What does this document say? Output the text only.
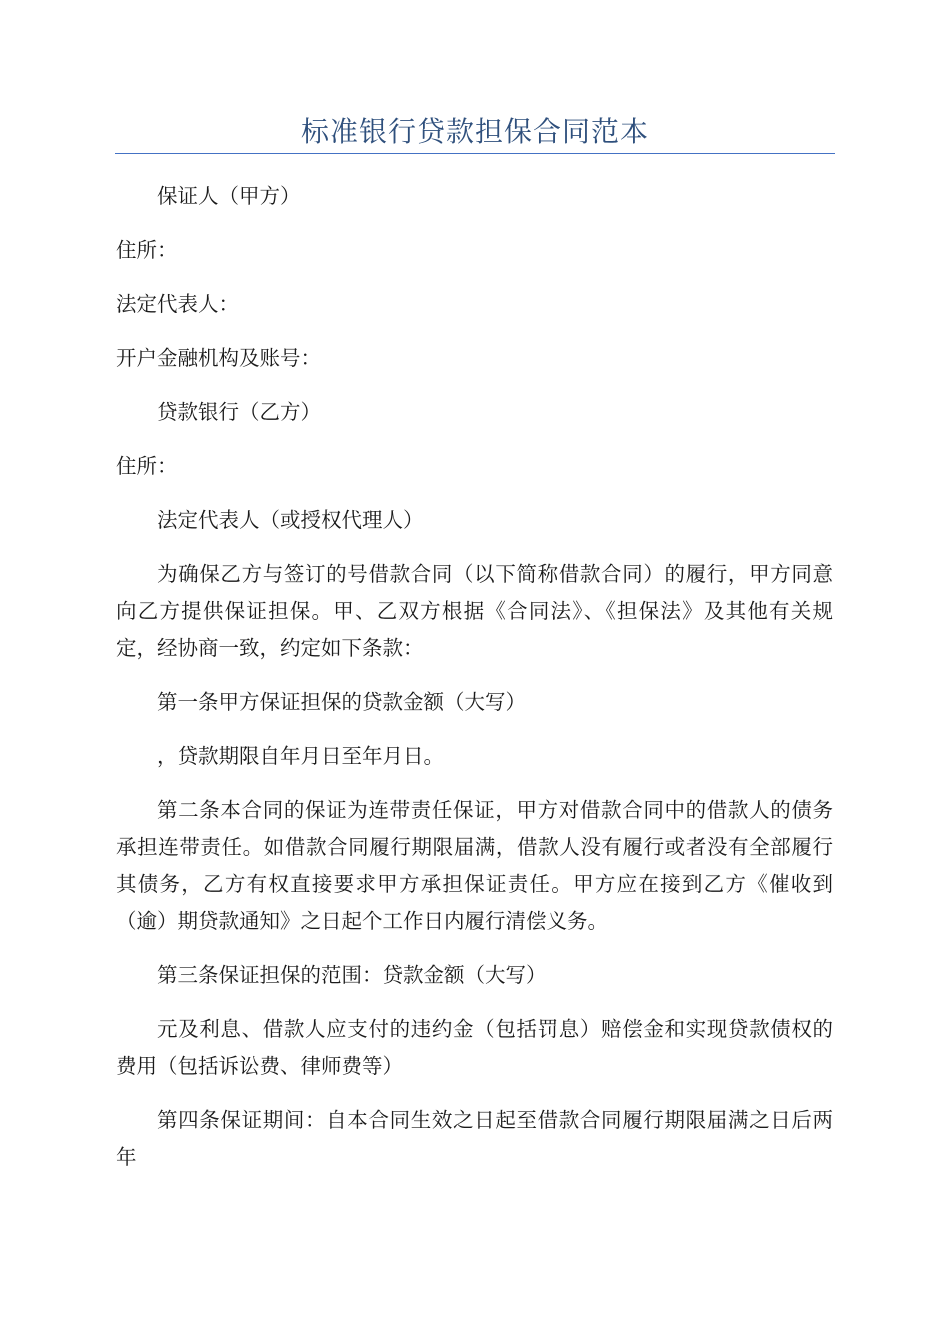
标准银行贷款担保合同范本

保证人（甲方）

住所：

法定代表人：

开户金融机构及账号：

贷款银行（乙方）

住所：

法定代表人（或授权代理人）

为确保乙方与签订的号借款合同（以下简称借款合同）的履行，甲方同意向乙方提供保证担保。甲、乙双方根据《合同法》、《担保法》及其他有关规定，经协商一致，约定如下条款：

第一条甲方保证担保的贷款金额（大写）

，贷款期限自年月日至年月日。

第二条本合同的保证为连带责任保证，甲方对借款合同中的借款人的债务承担连带责任。如借款合同履行期限届满，借款人没有履行或者没有全部履行其债务，乙方有权直接要求甲方承担保证责任。甲方应在接到乙方《催收到（逾）期贷款通知》之日起个工作日内履行清偿义务。

第三条保证担保的范围：贷款金额（大写）

元及利息、借款人应支付的违约金（包括罚息）赔偿金和实现贷款债权的费用（包括诉讼费、律师费等）

第四条保证期间：自本合同生效之日起至借款合同履行期限届满之日后两年
